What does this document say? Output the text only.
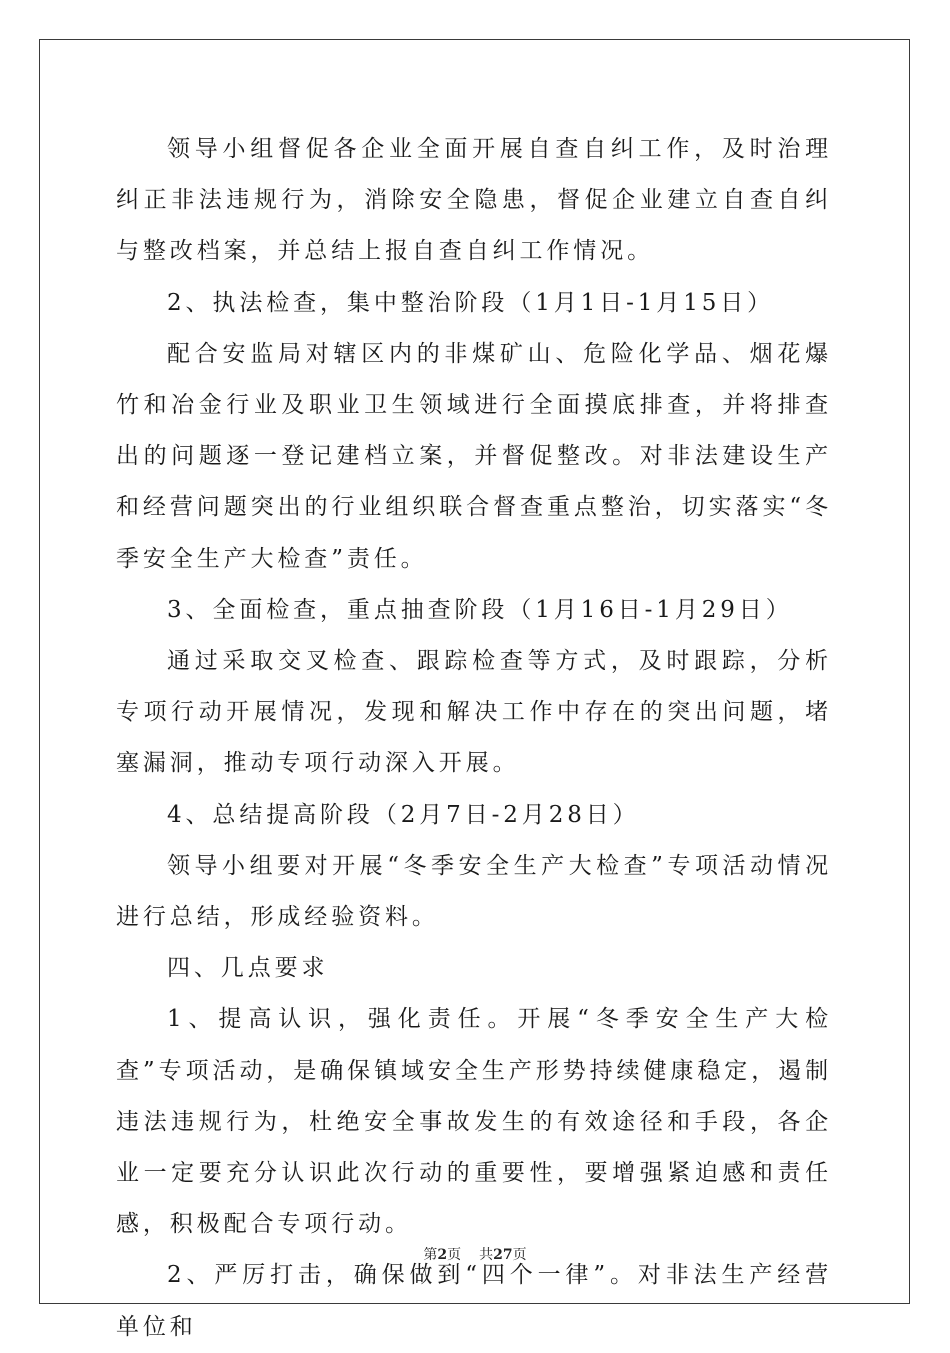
领导小组督促各企业全面开展自查自纠工作，及时治理纠正非法违规行为，消除安全隐患，督促企业建立自查自纠与整改档案，并总结上报自查自纠工作情况。

2、执法检查，集中整治阶段（1月1日-1月15日）

配合安监局对辖区内的非煤矿山、危险化学品、烟花爆竹和冶金行业及职业卫生领域进行全面摸底排查，并将排查出的问题逐一登记建档立案，并督促整改。对非法建设生产和经营问题突出的行业组织联合督查重点整治，切实落实“冬季安全生产大检查”责任。

3、全面检查，重点抽查阶段（1月16日-1月29日）

通过采取交叉检查、跟踪检查等方式，及时跟踪，分析专项行动开展情况，发现和解决工作中存在的突出问题，堵塞漏洞，推动专项行动深入开展。

4、总结提高阶段（2月7日-2月28日）

领导小组要对开展“冬季安全生产大检查”专项活动情况进行总结，形成经验资料。

四、几点要求

1、提高认识，强化责任。开展“冬季安全生产大检查”专项活动，是确保镇域安全生产形势持续健康稳定，遏制违法违规行为，杜绝安全事故发生的有效途径和手段，各企业一定要充分认识此次行动的重要性，要增强紧迫感和责任感，积极配合专项行动。

2、严厉打击，确保做到“四个一律”。对非法生产经营单位和

第2页 共27页
